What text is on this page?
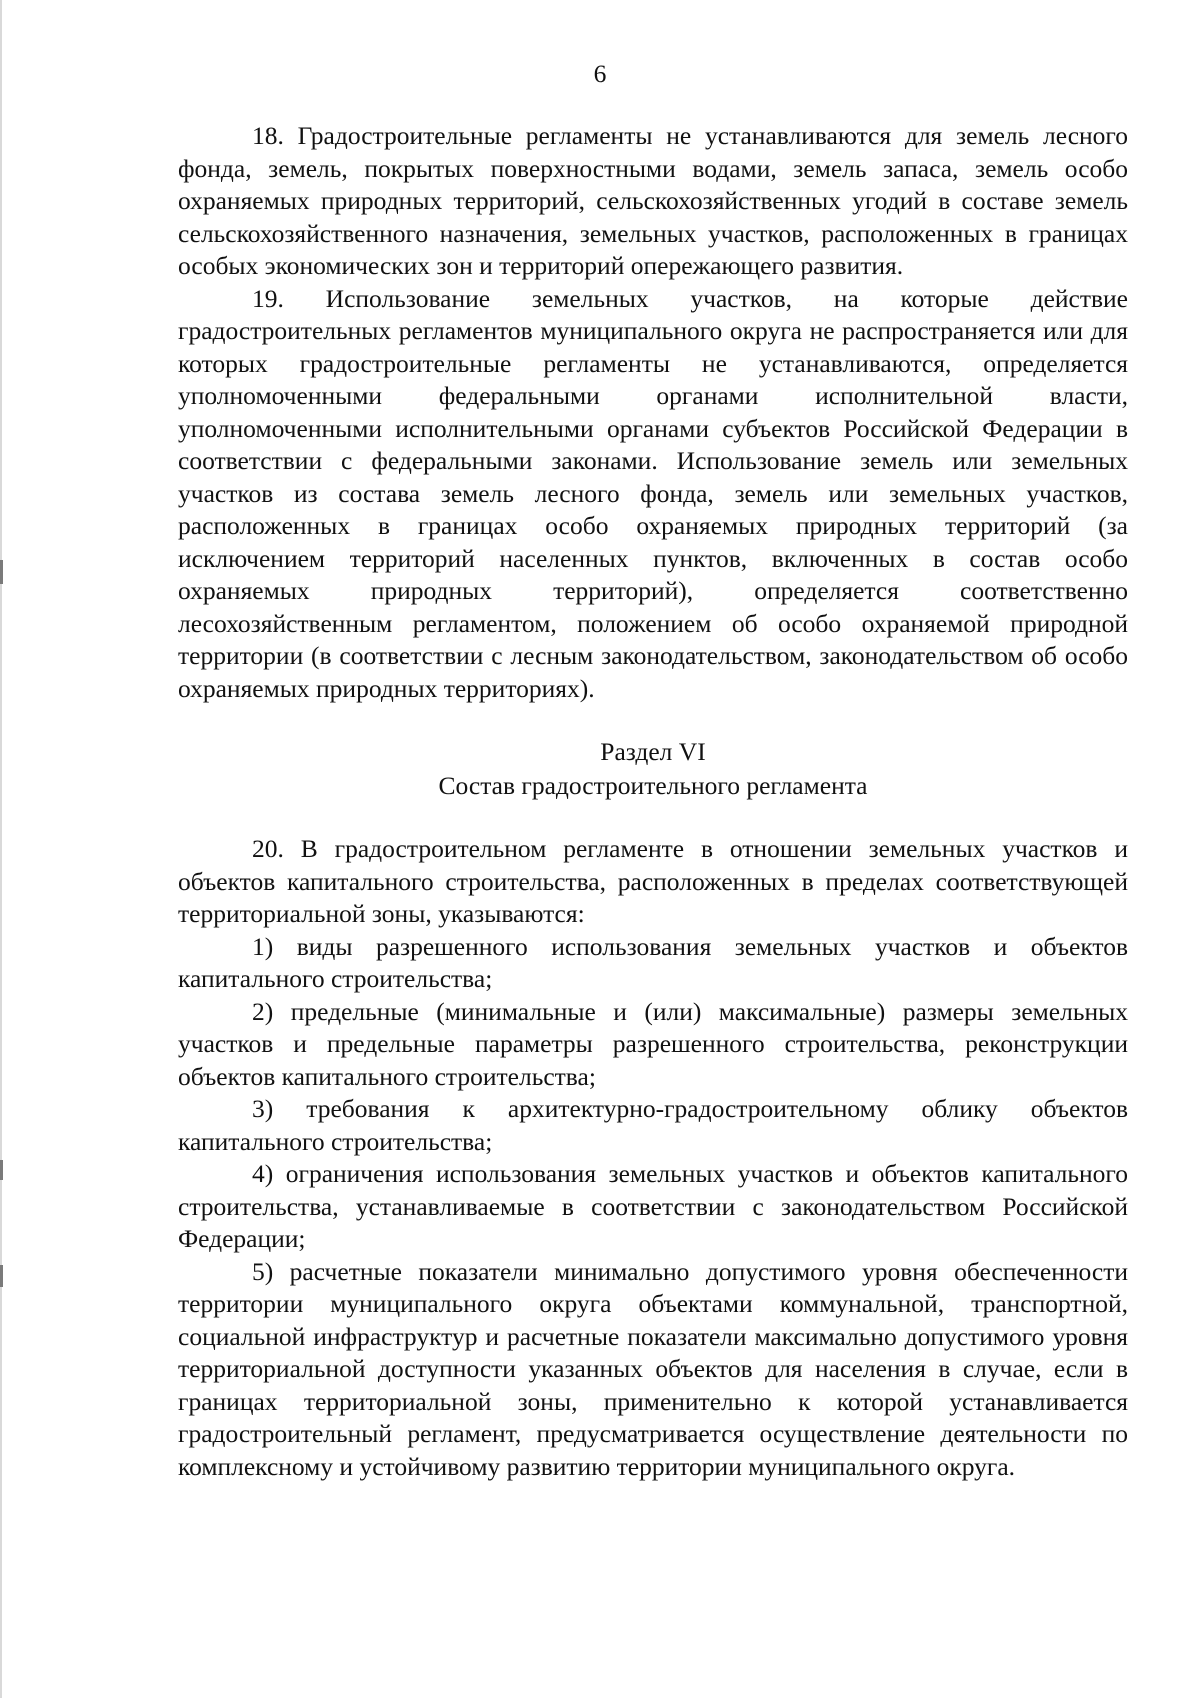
6

18. Градостроительные регламенты не устанавливаются для земель лесного фонда, земель, покрытых поверхностными водами, земель запаса, земель особо охраняемых природных территорий, сельскохозяйственных угодий в составе земель сельскохозяйственного назначения, земельных участков, расположенных в границах особых экономических зон и территорий опережающего развития.

19. Использование земельных участков, на которые действие градостроительных регламентов муниципального округа не распространяется или для которых градостроительные регламенты не устанавливаются, определяется уполномоченными федеральными органами исполнительной власти, уполномоченными исполнительными органами субъектов Российской Федерации в соответствии с федеральными законами. Использование земель или земельных участков из состава земель лесного фонда, земель или земельных участков, расположенных в границах особо охраняемых природных территорий (за исключением территорий населенных пунктов, включенных в состав особо охраняемых природных территорий), определяется соответственно лесохозяйственным регламентом, положением об особо охраняемой природной территории (в соответствии с лесным законодательством, законодательством об особо охраняемых природных территориях).

Раздел VI

Состав градостроительного регламента

20. В градостроительном регламенте в отношении земельных участков и объектов капитального строительства, расположенных в пределах соответствующей территориальной зоны, указываются:

1) виды разрешенного использования земельных участков и объектов капитального строительства;

2) предельные (минимальные и (или) максимальные) размеры земельных участков и предельные параметры разрешенного строительства, реконструкции объектов капитального строительства;

3) требования к архитектурно-градостроительному облику объектов капитального строительства;

4) ограничения использования земельных участков и объектов капитального строительства, устанавливаемые в соответствии с законодательством Российской Федерации;

5) расчетные показатели минимально допустимого уровня обеспеченности территории муниципального округа объектами коммунальной, транспортной, социальной инфраструктур и расчетные показатели максимально допустимого уровня территориальной доступности указанных объектов для населения в случае, если в границах территориальной зоны, применительно к которой устанавливается градостроительный регламент, предусматривается осуществление деятельности по комплексному и устойчивому развитию территории муниципального округа.
